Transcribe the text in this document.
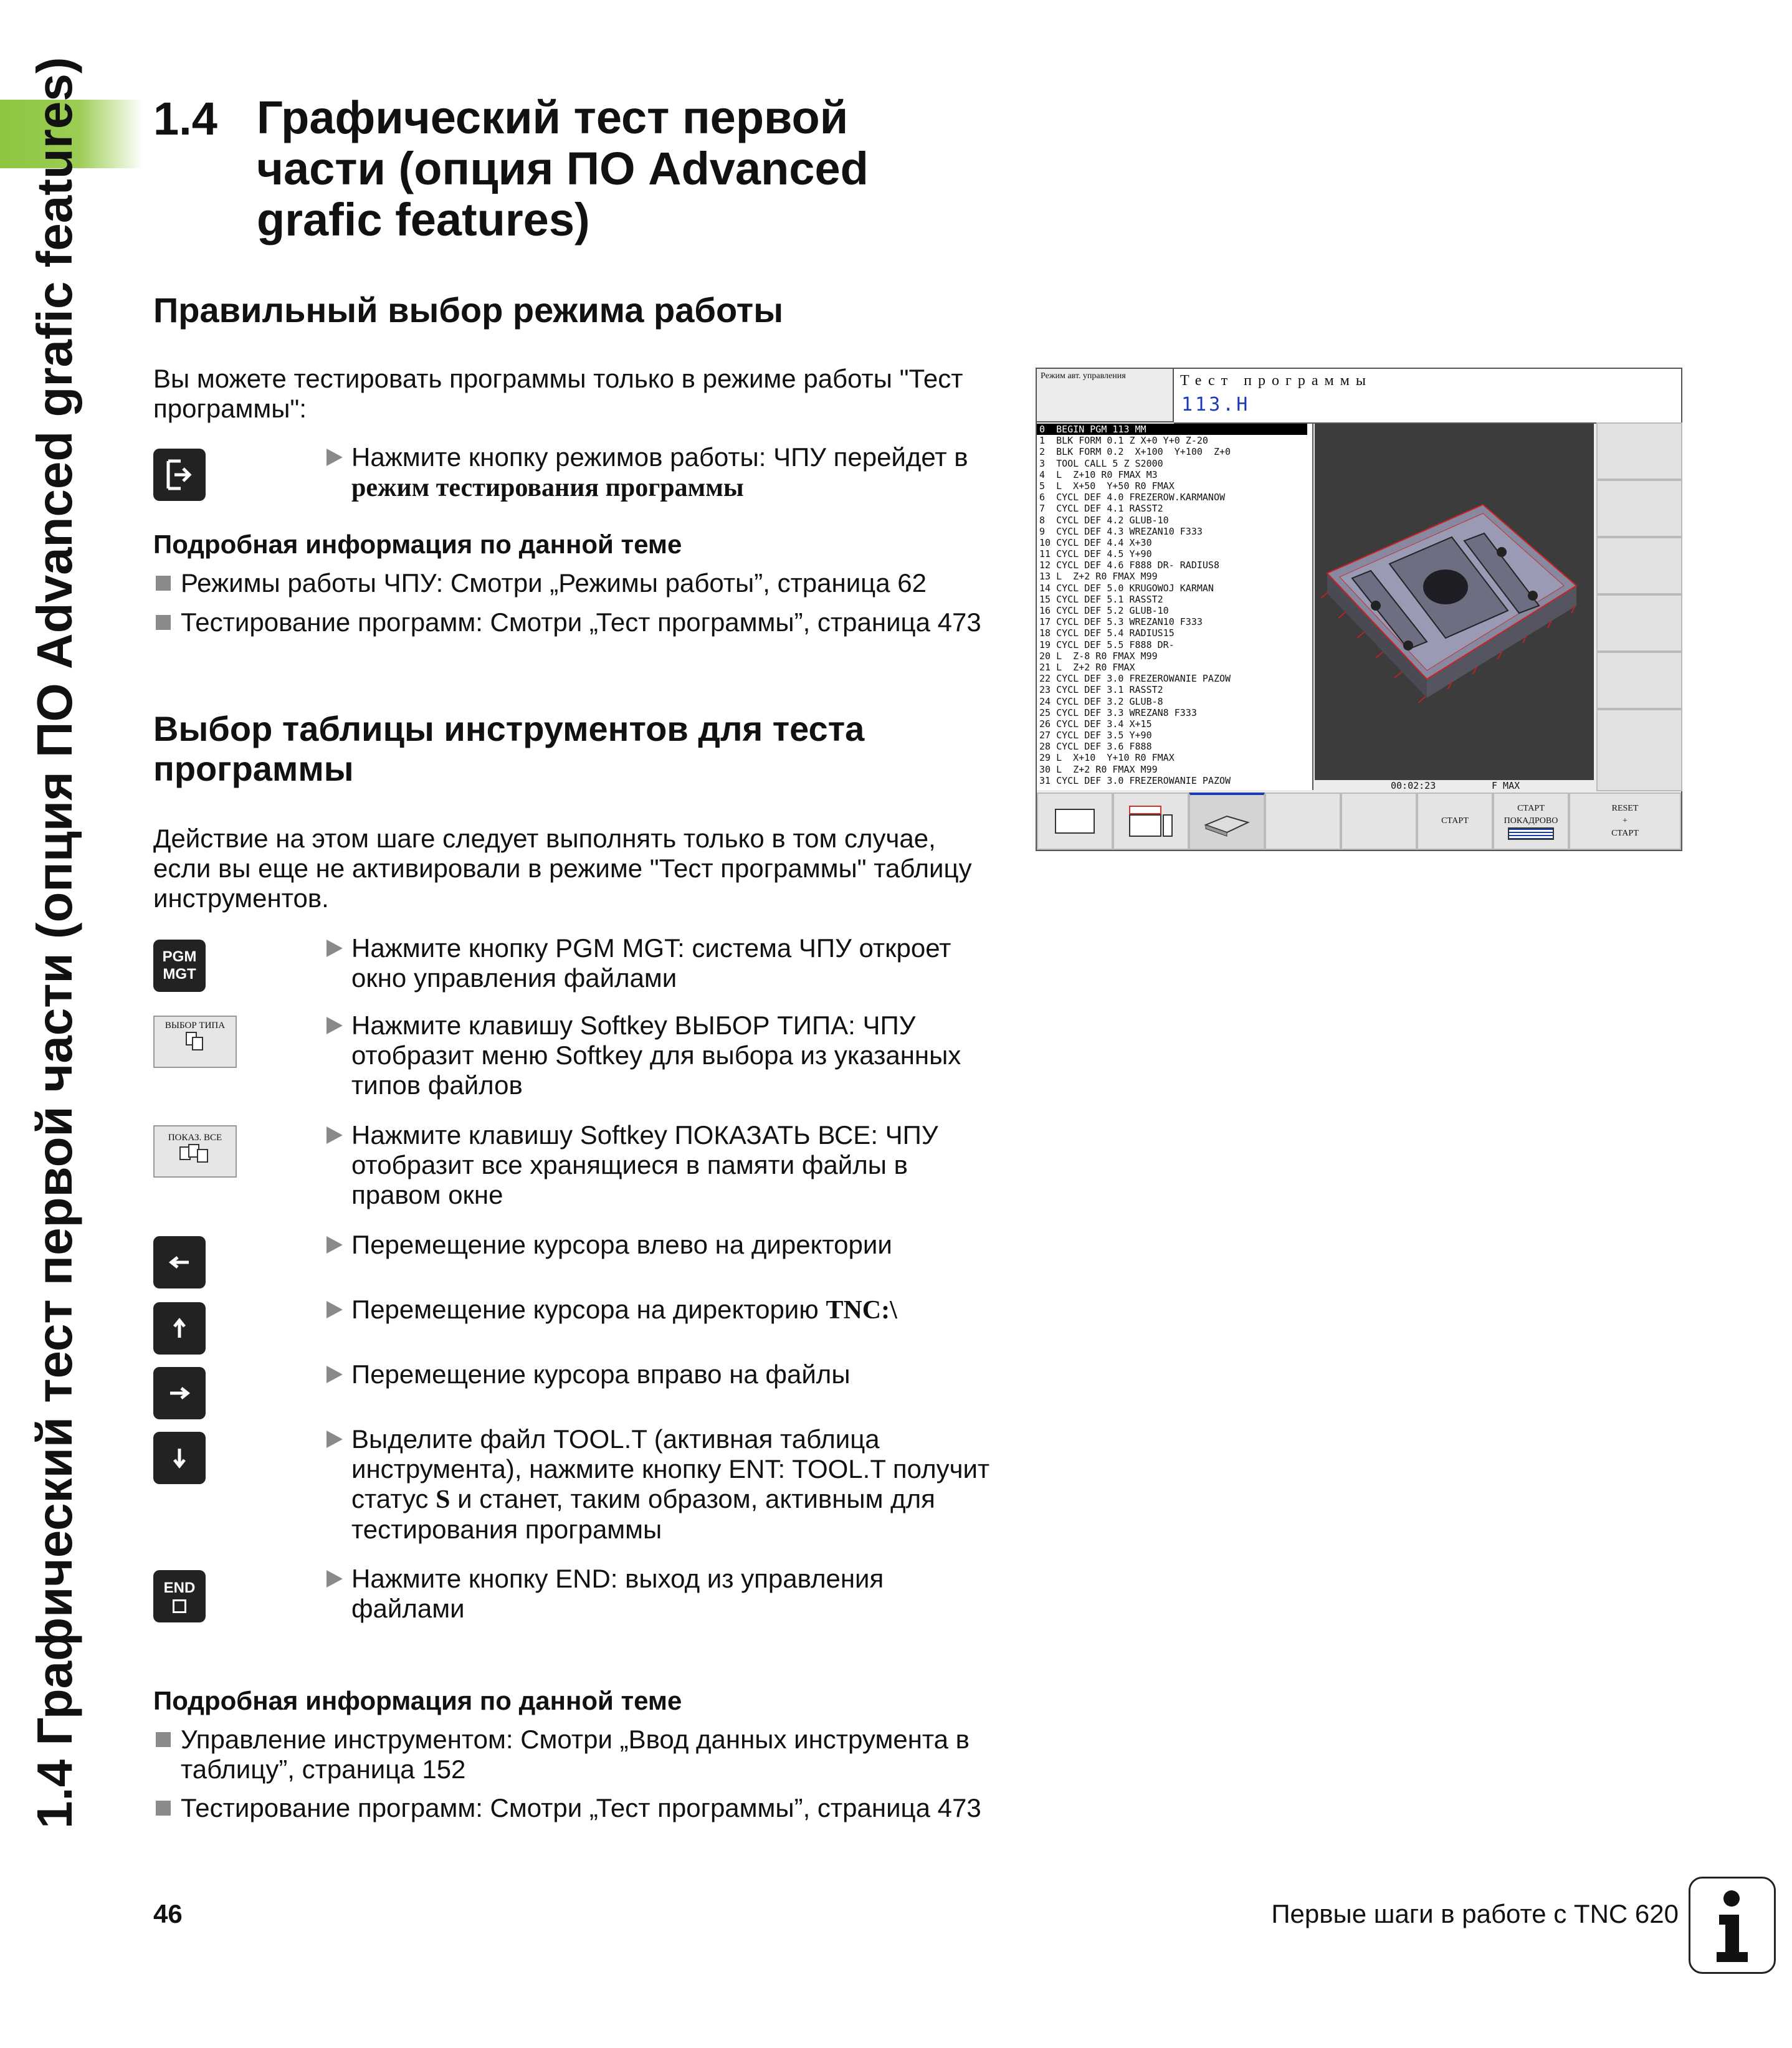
1.4 Графический тест первой части (опция ПО Advanced grafic features) 1.4 Графический тест первой части (опция ПО Advanced grafic features)
Правильный выбор режима работы
Вы можете тестировать программы только в режиме работы "Тест программы":
Нажмите кнопку режимов работы: ЧПУ перейдет в
режим тестирования программы
Подробная информация по данной теме
Режимы работы ЧПУ: Смотри „Режимы работы”, страница 62
Тестирование программ: Смотри „Тест программы”, страница 473
Выбор таблицы инструментов для теста программы
Действие на этом шаге следует выполнять только в том случае, если вы еще не активировали в режиме "Тест программы" таблицу инструментов.
PGM MGT
Нажмите кнопку PGM MGT: система ЧПУ откроет окно управления файлами
ВЫБОР ТИПА	Нажмите клавишу Softkey ВЫБОР ТИПА: ЧПУ отобразит меню Softkey для выбора из указанных типов файлов
ПОКАЗ. ВСЕ	Нажмите клавишу Softkey ПОКАЗАТЬ ВСЕ: ЧПУ отобразит все хранящиеся в памяти файлы в правом окне
Перемещение курсора влево на директории
Перемещение курсора на директорию TNC:\
Перемещение курсора вправо на файлы
Выделите файл TOOL.T (активная таблица инструмента), нажмите кнопку ENT: TOOL.T получит статус S и станет, таким образом, активным для тестирования программы
END	Нажмите кнопку END: выход из управления файлами
Подробная информация по данной теме
Управление инструментом: Смотри „Ввод данных инструмента в таблицу”, страница 152
Тестирование программ: Смотри „Тест программы”, страница 473
Режим авт. управления	Тест программы
113.H
0  BEGIN PGM 113 MM
1  BLK FORM 0.1 Z X+0 Y+0 Z-20
2  BLK FORM 0.2  X+100  Y+100  Z+0
3  TOOL CALL 5 Z S2000
4  L  Z+10 R0 FMAX M3
5  L  X+50  Y+50 R0 FMAX
6  CYCL DEF 4.0 FREZEROW.KARMANOW
7  CYCL DEF 4.1 RASST2
8  CYCL DEF 4.2 GLUB-10
9  CYCL DEF 4.3 WREZAN10 F333
10 CYCL DEF 4.4 X+30
11 CYCL DEF 4.5 Y+90
12 CYCL DEF 4.6 F888 DR- RADIUS8
13 L  Z+2 R0 FMAX M99
14 CYCL DEF 5.0 KRUGOWOJ KARMAN
15 CYCL DEF 5.1 RASST2
16 CYCL DEF 5.2 GLUB-10
17 CYCL DEF 5.3 WREZAN10 F333
18 CYCL DEF 5.4 RADIUS15
19 CYCL DEF 5.5 F888 DR-
20 L  Z-8 R0 FMAX M99
21 L  Z+2 R0 FMAX
22 CYCL DEF 3.0 FREZEROWANIE PAZOW
23 CYCL DEF 3.1 RASST2
24 CYCL DEF 3.2 GLUB-8
25 CYCL DEF 3.3 WREZAN8 F333
26 CYCL DEF 3.4 X+15
27 CYCL DEF 3.5 Y+90
28 CYCL DEF 3.6 F888
29 L  X+10  Y+10 R0 FMAX
30 L  Z+2 R0 FMAX M99
31 CYCL DEF 3.0 FREZEROWANIE PAZOW	00:02:23	F MAX
СТАРТ
СТАРТ
ПОКАДРОВО
RESET
+
СТАРТ
46	Первые шаги в работе с TNC 620
